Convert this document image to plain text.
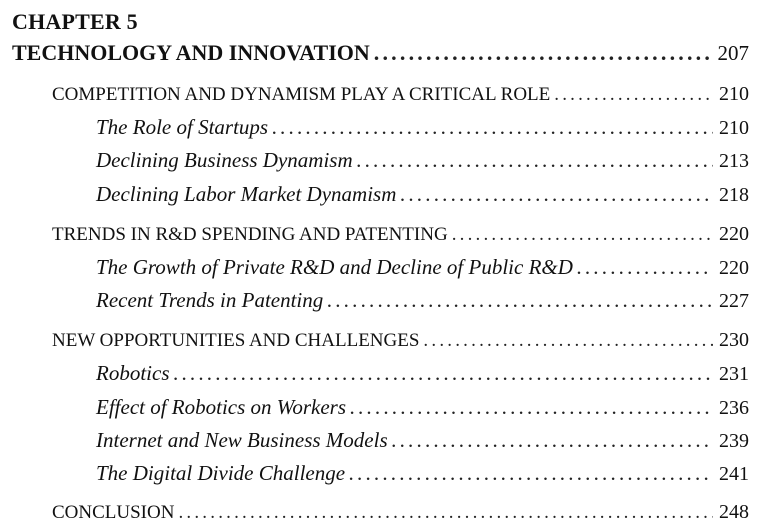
CHAPTER 5
TECHNOLOGY AND INNOVATION .....	207
COMPETITION AND DYNAMISM PLAY A CRITICAL ROLE .....	210
The Role of Startups .....	210
Declining Business Dynamism .....	213
Declining Labor Market Dynamism .....	218
TRENDS IN R&D SPENDING AND PATENTING .....	220
The Growth of Private R&D and Decline of Public R&D .....	220
Recent Trends in Patenting .....	227
NEW OPPORTUNITIES AND CHALLENGES .....	230
Robotics .....	231
Effect of Robotics on Workers .....	236
Internet and New Business Models .....	239
The Digital Divide Challenge .....	241
CONCLUSION .....	248
